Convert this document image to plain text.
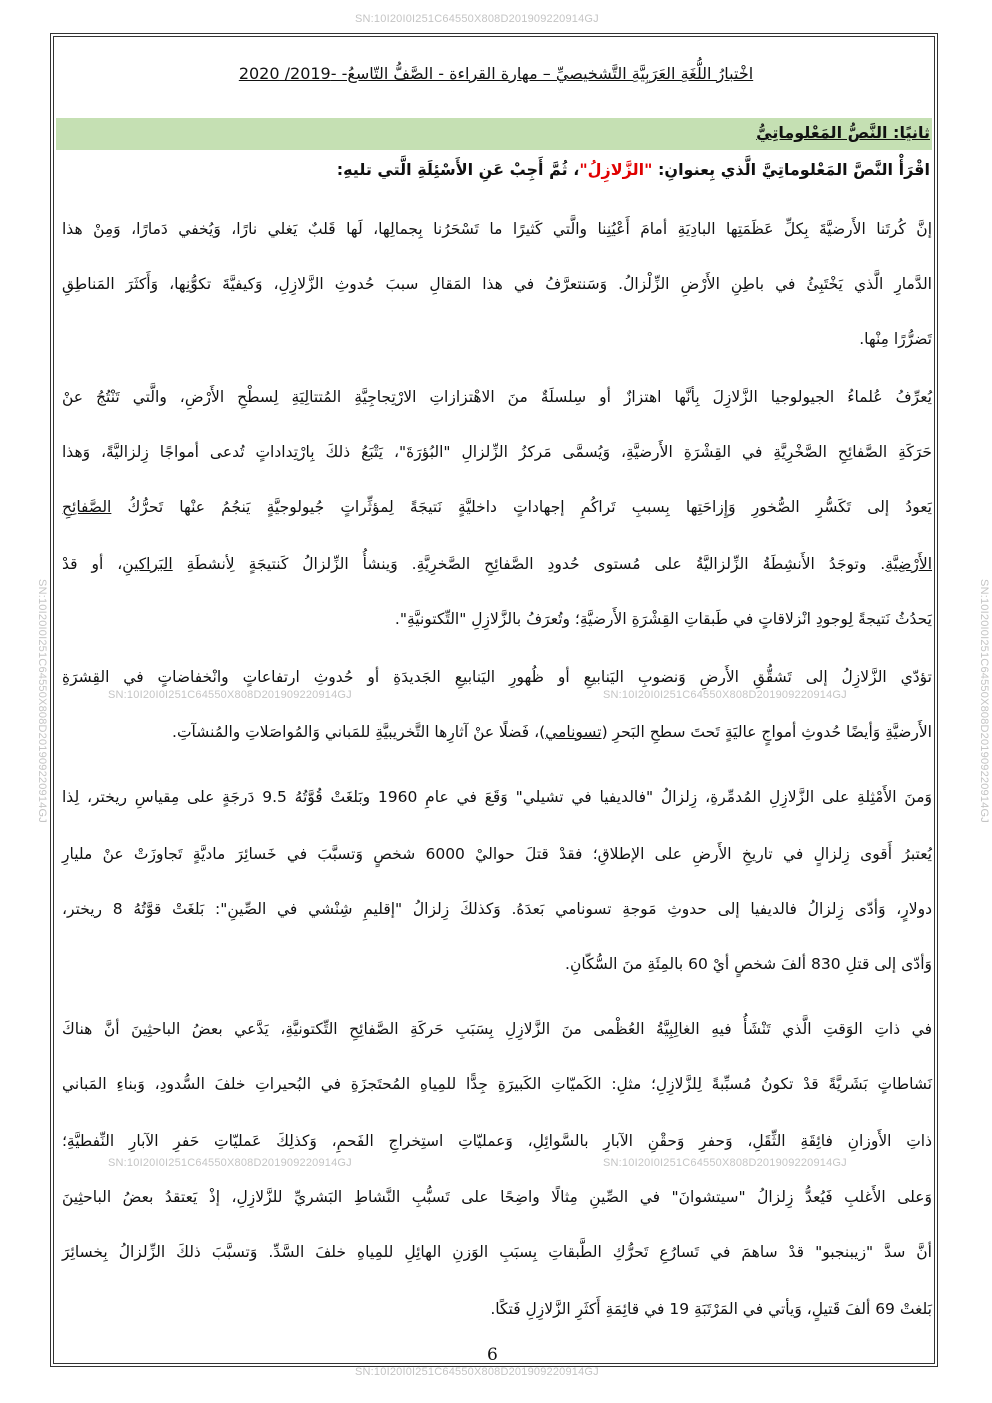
SN:10I20I0I251C64550X808D201909220914GJ
SN:10I20I0I251C64550X808D201909220914GJ	SN:10I20I0I251C64550X808D201909220914GJ
SN:10I20I0I251C64550X808D201909220914GJ	SN:10I20I0I251C64550X808D201909220914GJ
SN:10I20I0I251C64550X808D201909220914GJ	SN:10I20I0I251C64550X808D201909220914GJ
SN:10I20I0I251C64550X808D201909220914GJ
اخْتبارُ اللُّغَةِ العَرَبِيَّةِ التَّشخيصيِّ – مهارة القراءة - الصَّفُّ التّاسعُ- -2019/ 2020
ثانيًا: النَّصُّ المَعْلوماتِيُّ
اقْرَأْ النَّصَّ المَعْلوماتِيَّ الَّذي بِعنوانِ: "الزَّلازِلُ"، ثُمَّ أَجِبْ عَنِ الأَسْئِلَةِ الَّتي تليهِ:
إنَّ كُرتَنا الأَرضيَّةَ بِكلِّ عَظَمَتِها البادِيَةِ أمامَ أَعْيُنِنا والَّتي كَثيرًا ما تَسْحَرُنا بِجمالِها، لَها قَلبٌ يَغلي نارًا، وَيُخفي دَمارًا، وَمِنْ هذا
الدَّمارِ الَّذي يَخْتَبِئُ في باطِنِ الأَرْضِ الزِّلْزالُ. وَسَنتعرَّفُ في هذا المَقالِ سببَ حُدوثِ الزَّلازِلِ، وَكيفيَّةَ تكوُّنِها، وَأَكثَرَ المَناطِقِ
تَضرُّرًا مِنْها.
يُعرِّفُ عُلماءُ الجيولوجيا الزَّلازِلَ بِأنَّها اهتزازٌ أو سِلسلَةٌ منَ الاهْتزازاتِ الارْتِجاجِيَّةِ المُتتالِيَةِ لِسطْحِ الأَرْضِ، والَّتي تَنْتُجُ عنْ
حَرَكَةِ الصَّفائِحِ الصَّخْرِيَّةِ في القِشْرَةِ الأَرضيَّةِ، وَيُسمَّى مَركزُ الزِّلزالِ "البُؤرَةَ"، يَتْبَعُ ذلكَ بِارْتِداداتٍ تُدعى أمواجًا زِلزاليَّةً، وَهذا
يَعودُ إلى تَكَسُّرِ الصُّخورِ وَإِزاحَتِها بِسببِ تَراكُمِ إجهاداتٍ داخليَّةٍ نَتيجَةً لِمؤثِّراتٍ جُيولوجيَّةٍ يَنجُمُ عنْها تَحرُّكُ الصَّفائِحِ
الأَرْضِيَّةِ. وتوجَدُ الأَنشِطَةُ الزِّلزاليَّةُ على مُستوى حُدودِ الصَّفائِحِ الصَّخرِيَّةِ. وَينشأُ الزِّلزالُ كَنتيجَةٍ لِأنشطَةِ البَراكينِ، أو قدْ
يَحدُثُ نَتيجةً لِوجودِ انْزلاقاتٍ في طَبقاتِ القِشْرَةِ الأَرضيَّةِ؛ وتُعرَفُ بالزَّلازِلِ "التِّكتونيَّةِ".
تؤدّي الزَّلازِلُ إلى تَشقُّقِ الأَرضِ وَنضوبِ اليَنابيعِ أو ظُهورِ اليَنابيعِ الجَديدَةِ أو حُدوثِ ارتفاعاتٍ وانْخفاضاتٍ في القِشرَةِ
الأَرضيَّةِ وَأيضًا حُدوثِ أمواجٍ عاليَةٍ تَحتَ سطحِ البَحرِ (تسونامي)، فَضلًا عنْ آثارِها التَّخريبيَّةِ للمَباني وَالمُواصَلاتِ والمُنشآتِ.
وَمنَ الأَمْثِلةِ على الزَّلازِلِ المُدمِّرةِ، زِلزالُ "فالديفيا في تشيلي" وَقَعَ في عامِ 1960 وبَلغَتْ قُوَّتُهُ 9.5 دَرجَةٍ على مِقياسِ ريختر، لِذا
يُعتبرُ أَقوى زِلزالٍ في تاريخِ الأَرضِ على الإطلاقِ؛ فقدْ قتلَ حواليْ 6000 شخصٍ وَتسبَّبَ في خَسائِرَ ماديَّةٍ تَجاوزَتْ عنْ مليارِ
دولارٍ، وَأدّى زِلزالُ فالديفيا إلى حدوثِ مَوجةِ تسونامي بَعدَهُ. وَكذلكَ زِلزالُ "إقليمِ شِنْشي في الصِّينِ": بَلغَتْ قوَّتُهُ 8 ريختر،
وَأدّى إلى قتلِ 830 ألفَ شخصٍ أيْ 60 بالمِئَةِ منَ السُّكّانِ.
في ذاتِ الوَقتِ الَّذي تَنْشَأُ فيهِ الغالِبِيَّةُ العُظْمى منَ الزَّلازِلِ بِسَبَبِ حَركَةِ الصَّفائِحِ التِّكتونيَّةِ، يَدَّعي بعضُ الباحثِينَ أنَّ هناكَ
نَشاطاتٍ بَشَريَّةً قدْ تكونُ مُسبِّبةً لِلزَّلازِلِ؛ مثلِ: الكَميّاتِ الكَبيرَةِ جِدًّا للمِياهِ المُحتَجزَةِ في البُحيراتِ خلفَ السُّدودِ، وَبناءِ المَباني
ذاتِ الأَوزانِ فائِقَةِ الثِّقَلِ، وَحفرِ وَحقْنِ الآبارِ بالسَّوائِلِ، وَعمليّاتِ استِخراجِ الفَحمِ، وَكذلِكَ عَمليّاتِ حَفرِ الآبارِ النِّفطيَّةِ؛
وَعلى الأَغلبِ فَيُعدُّ زِلزالُ "سيتشوانَ" في الصِّينِ مِثالًا واضِحًا على تَسبُّبِ النَّشاطِ البَشريِّ للزَّلازِلِ، إذْ يَعتقدُ بعضُ الباحثِينَ
أنَّ سدَّ "زيبنجبو" قدْ ساهمَ في تَسارُعِ تَحرُّكِ الطَّبقاتِ بِسبَبِ الوَزنِ الهائِلِ للمِياهِ خلفَ السَّدِّ. وَتسبَّبَ ذلكَ الزِّلزالُ بِخسائِرَ
بَلغتْ 69 ألفَ قَتيلٍ، وَيأتي في المَرْتَبَةِ 19 في قائِمَةِ أَكثَرِ الزَّلازِلِ فَتكًا.
6
